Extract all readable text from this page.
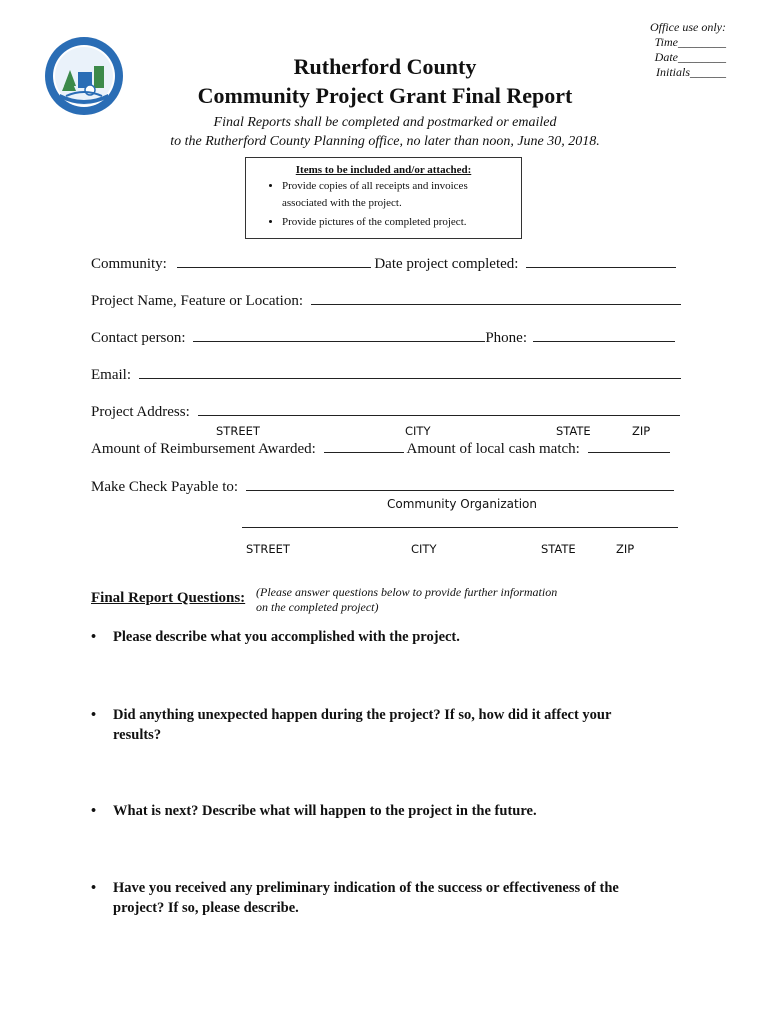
Office use only:
Time________
Date________
Initials______
Rutherford County
Community Project Grant Final Report
Final Reports shall be completed and postmarked or emailed
to the Rutherford County Planning office, no later than noon, June 30, 2018.
Items to be included and/or attached:
• Provide copies of all receipts and invoices associated with the project.
• Provide pictures of the completed project.
Community:	Date project completed:
Project Name, Feature or Location:
Contact person:	Phone:
Email:
Project Address:
STREET	CITY	STATE	ZIP
Amount of Reimbursement Awarded:	Amount of local cash match:
Make Check Payable to:
Community Organization
STREET	CITY	STATE	ZIP
Final Report Questions: (Please answer questions below to provide further information
on the completed project)
• Please describe what you accomplished with the project.
• Did anything unexpected happen during the project? If so, how did it affect your results?
• What is next? Describe what will happen to the project in the future.
• Have you received any preliminary indication of the success or effectiveness of the project? If so, please describe.
